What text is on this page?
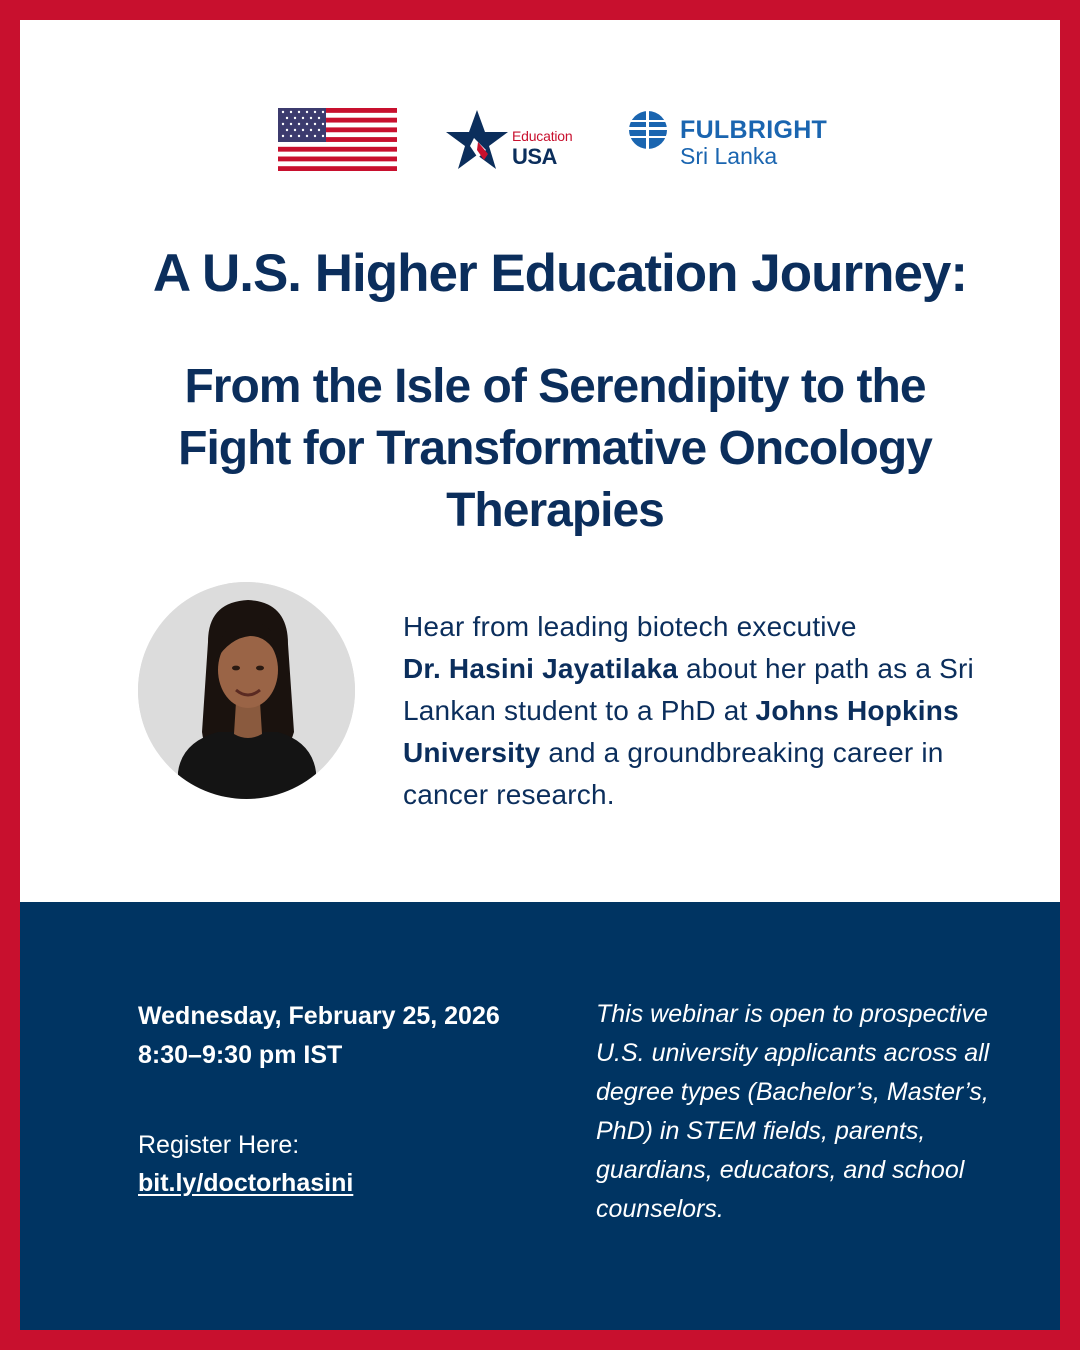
Education
USA
FULBRIGHT
Sri Lanka
A U.S. Higher Education Journey:
From the Isle of Serendipity to the
Fight for Transformative Oncology
Therapies

Hear from leading biotech executive
Dr. Hasini Jayatilaka about her path as a Sri Lankan student to a PhD at Johns Hopkins University and a groundbreaking career in cancer research.

Wednesday, February 25, 2026
8:30–9:30 pm IST
Register Here:
bit.ly/doctorhasini

This webinar is open to prospective U.S. university applicants across all degree types (Bachelor’s, Master’s, PhD) in STEM fields, parents, guardians, educators, and school counselors.
